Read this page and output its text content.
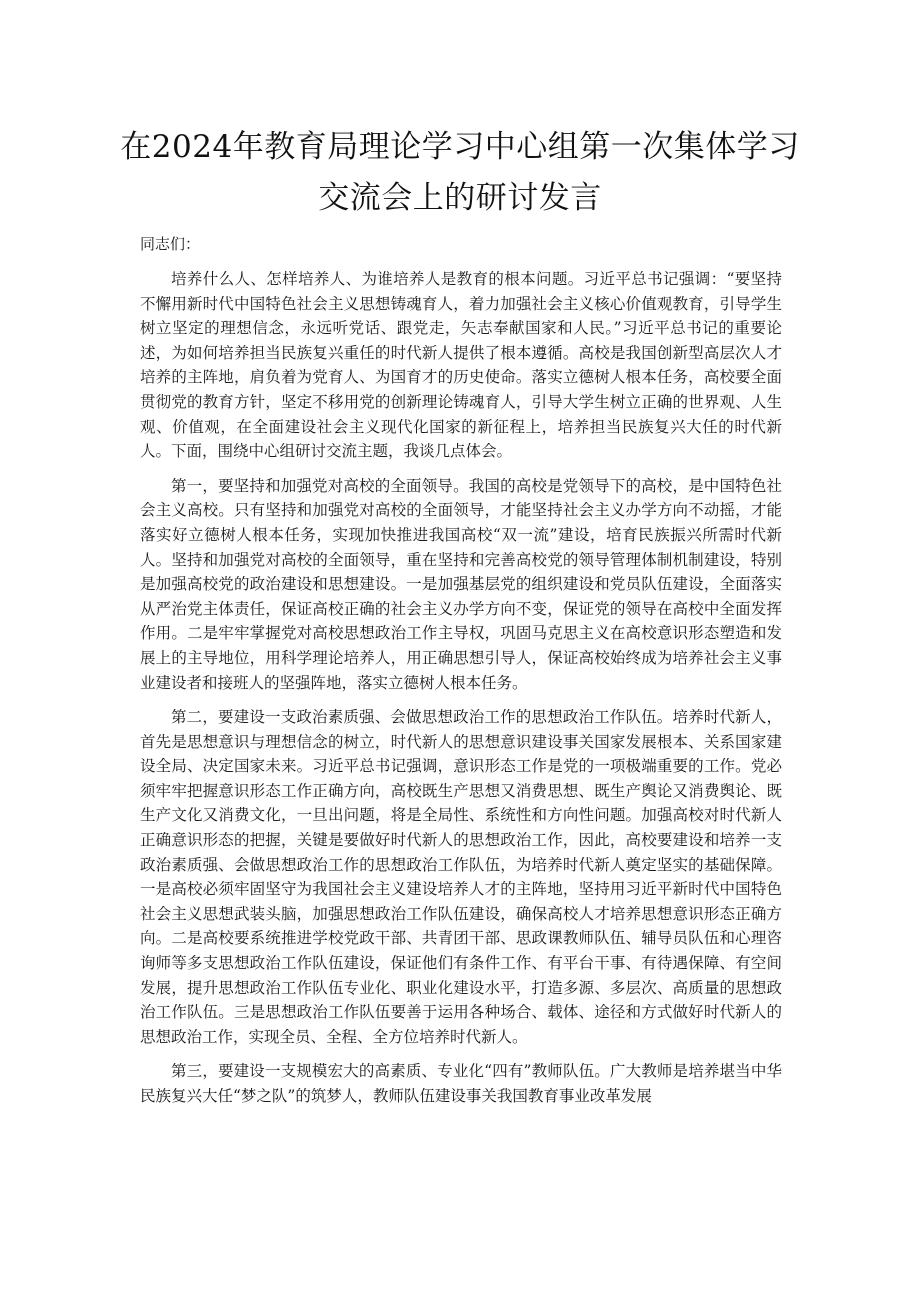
在2024年教育局理论学习中心组第一次集体学习交流会上的研讨发言

同志们：

培养什么人、怎样培养人、为谁培养人是教育的根本问题。习近平总书记强调：“要坚持不懈用新时代中国特色社会主义思想铸魂育人，着力加强社会主义核心价值观教育，引导学生树立坚定的理想信念，永远听党话、跟党走，矢志奉献国家和人民。”习近平总书记的重要论述，为如何培养担当民族复兴重任的时代新人提供了根本遵循。高校是我国创新型高层次人才培养的主阵地，肩负着为党育人、为国育才的历史使命。落实立德树人根本任务，高校要全面贯彻党的教育方针，坚定不移用党的创新理论铸魂育人，引导大学生树立正确的世界观、人生观、价值观，在全面建设社会主义现代化国家的新征程上，培养担当民族复兴大任的时代新人。下面，围绕中心组研讨交流主题，我谈几点体会。

第一，要坚持和加强党对高校的全面领导。我国的高校是党领导下的高校，是中国特色社会主义高校。只有坚持和加强党对高校的全面领导，才能坚持社会主义办学方向不动摇，才能落实好立德树人根本任务，实现加快推进我国高校“双一流”建设，培育民族振兴所需时代新人。坚持和加强党对高校的全面领导，重在坚持和完善高校党的领导管理体制机制建设，特别是加强高校党的政治建设和思想建设。一是加强基层党的组织建设和党员队伍建设，全面落实从严治党主体责任，保证高校正确的社会主义办学方向不变，保证党的领导在高校中全面发挥作用。二是牢牢掌握党对高校思想政治工作主导权，巩固马克思主义在高校意识形态塑造和发展上的主导地位，用科学理论培养人，用正确思想引导人，保证高校始终成为培养社会主义事业建设者和接班人的坚强阵地，落实立德树人根本任务。

第二，要建设一支政治素质强、会做思想政治工作的思想政治工作队伍。培养时代新人，首先是思想意识与理想信念的树立，时代新人的思想意识建设事关国家发展根本、关系国家建设全局、决定国家未来。习近平总书记强调，意识形态工作是党的一项极端重要的工作。党必须牢牢把握意识形态工作正确方向，高校既生产思想又消费思想、既生产舆论又消费舆论、既生产文化又消费文化，一旦出问题，将是全局性、系统性和方向性问题。加强高校对时代新人正确意识形态的把握，关键是要做好时代新人的思想政治工作，因此，高校要建设和培养一支政治素质强、会做思想政治工作的思想政治工作队伍，为培养时代新人奠定坚实的基础保障。一是高校必须牢固坚守为我国社会主义建设培养人才的主阵地，坚持用习近平新时代中国特色社会主义思想武装头脑，加强思想政治工作队伍建设，确保高校人才培养思想意识形态正确方向。二是高校要系统推进学校党政干部、共青团干部、思政课教师队伍、辅导员队伍和心理咨询师等多支思想政治工作队伍建设，保证他们有条件工作、有平台干事、有待遇保障、有空间发展，提升思想政治工作队伍专业化、职业化建设水平，打造多源、多层次、高质量的思想政治工作队伍。三是思想政治工作队伍要善于运用各种场合、载体、途径和方式做好时代新人的思想政治工作，实现全员、全程、全方位培养时代新人。

第三，要建设一支规模宏大的高素质、专业化“四有”教师队伍。广大教师是培养堪当中华民族复兴大任“梦之队”的筑梦人，教师队伍建设事关我国教育事业改革发展
